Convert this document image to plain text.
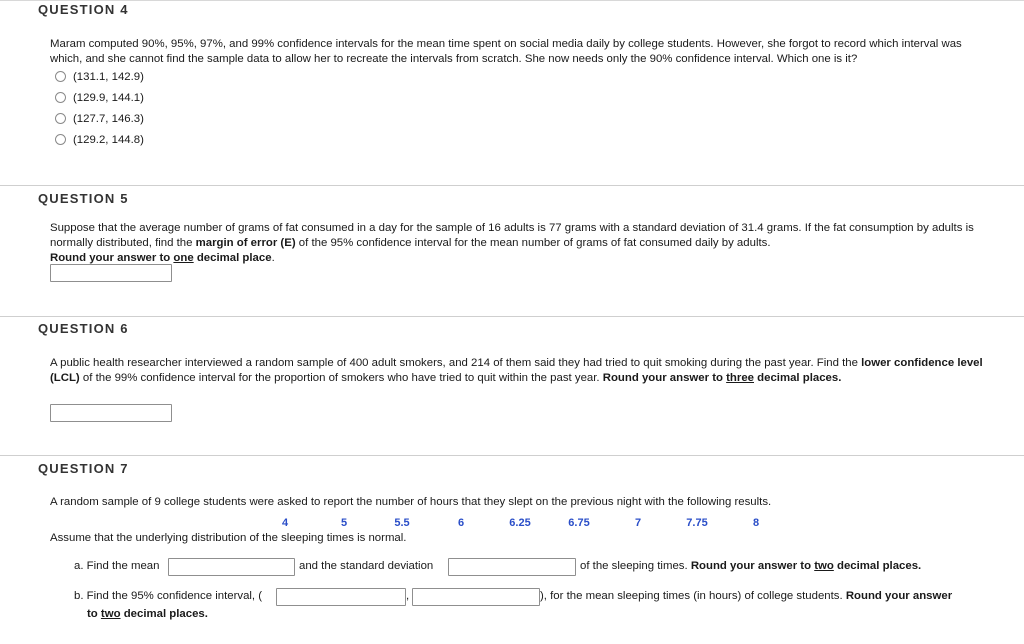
QUESTION 4
Maram computed 90%, 95%, 97%, and 99% confidence intervals for the mean time spent on social media daily by college students. However, she forgot to record which interval was which, and she cannot find the sample data to allow her to recreate the intervals from scratch. She now needs only the 90% confidence interval. Which one is it?
(131.1, 142.9)
(129.9, 144.1)
(127.7, 146.3)
(129.2, 144.8)
QUESTION 5
Suppose that the average number of grams of fat consumed in a day for the sample of 16 adults is 77 grams with a standard deviation of 31.4 grams. If the fat consumption by adults is normally distributed, find the margin of error (E) of the 95% confidence interval for the mean number of grams of fat consumed daily by adults.
Round your answer to one decimal place.
QUESTION 6
A public health researcher interviewed a random sample of 400 adult smokers, and 214 of them said they had tried to quit smoking during the past year. Find the lower confidence level (LCL) of the 99% confidence interval for the proportion of smokers who have tried to quit within the past year. Round your answer to three decimal places.
QUESTION 7
A random sample of 9 college students were asked to report the number of hours that they slept on the previous night with the following results.
4	5	5.5	6	6.25	6.75	7	7.75	8
Assume that the underlying distribution of the sleeping times is normal.
a. Find the mean	and the standard deviation	of the sleeping times. Round your answer to two decimal places.
b. Find the 95% confidence interval, (	,	), for the mean sleeping times (in hours) of college students. Round your answer
to two decimal places.
